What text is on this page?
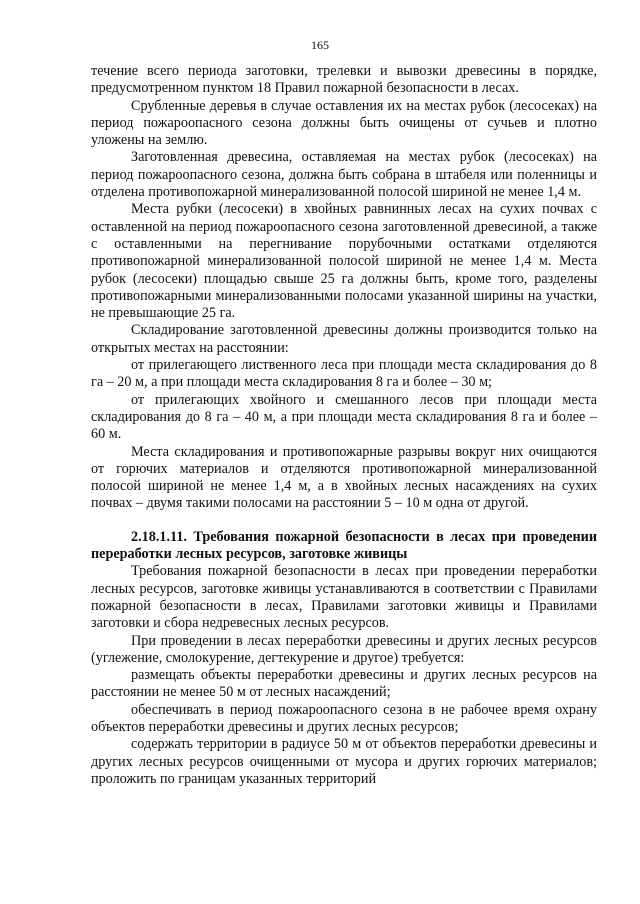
165

течение всего периода заготовки, трелевки и вывозки древесины в порядке, предусмотренном пунктом 18 Правил пожарной безопасности в лесах.

Срубленные деревья в случае оставления их на местах рубок (лесосеках) на период пожароопасного сезона должны быть очищены от сучьев и плотно уложены на землю.

Заготовленная древесина, оставляемая на местах рубок (лесосеках) на период пожароопасного сезона, должна быть собрана в штабеля или поленницы и отделена противопожарной минерализованной полосой шириной не менее 1,4 м.

Места рубки (лесосеки) в хвойных равнинных лесах на сухих почвах с оставленной на период пожароопасного сезона заготовленной древесиной, а также с оставленными на перегнивание порубочными остатками отделяются противопожарной минерализованной полосой шириной не менее 1,4 м. Места рубок (лесосеки) площадью свыше 25 га должны быть, кроме того, разделены противопожарными минерализованными полосами указанной ширины на участки, не превышающие 25 га.

Складирование заготовленной древесины должны производится только на открытых местах на расстоянии:

от прилегающего лиственного леса при площади места складирования до 8 га – 20 м, а при площади места складирования 8 га и более – 30 м;

от прилегающих хвойного и смешанного лесов при площади места складирования до 8 га – 40 м, а при площади места складирования 8 га и более – 60 м.

Места складирования и противопожарные разрывы вокруг них очищаются от горючих материалов и отделяются противопожарной минерализованной полосой шириной не менее 1,4 м, а в хвойных лесных насаждениях на сухих почвах – двумя такими полосами на расстоянии 5 – 10 м одна от другой.

2.18.1.11. Требования пожарной безопасности в лесах при проведении переработки лесных ресурсов, заготовке живицы

Требования пожарной безопасности в лесах при проведении переработки лесных ресурсов, заготовке живицы устанавливаются в соответствии с Правилами пожарной безопасности в лесах, Правилами заготовки живицы и Правилами заготовки и сбора недревесных лесных ресурсов.

При проведении в лесах переработки древесины и других лесных ресурсов (углежение, смолокурение, дегтекурение и другое) требуется:

размещать объекты переработки древесины и других лесных ресурсов на расстоянии не менее 50 м от лесных насаждений;

обеспечивать в период пожароопасного сезона в не рабочее время охрану объектов переработки древесины и других лесных ресурсов;

содержать территории в радиусе 50 м от объектов переработки древесины и других лесных ресурсов очищенными от мусора и других горючих материалов; проложить по границам указанных территорий
